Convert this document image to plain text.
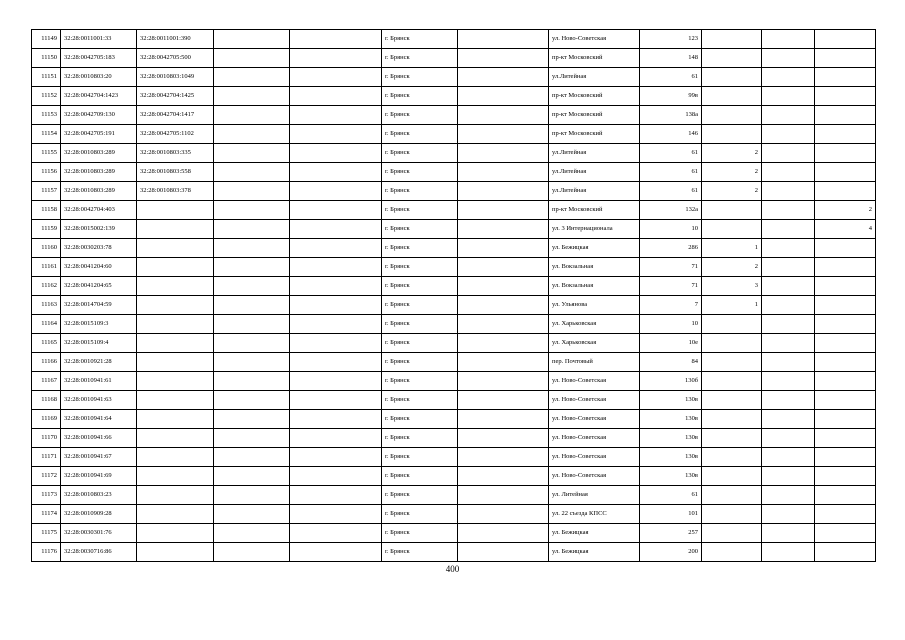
11149	32:28:0011001:33	32:28:0011001:390			г. Брянск		ул. Ново-Советская	123			
11150	32:28:0042705:183	32:28:0042705:500			г. Брянск		пр-кт Московский	148			
11151	32:28:0010803:20	32:28:0010803:1049			г. Брянск		ул.Литейная	61			
11152	32:28:0042704:1423	32:28:0042704:1425			г. Брянск		пр-кт Московский	99в			
11153	32:28:0042709:130	32:28:0042704:1417			г. Брянск		пр-кт Московский	138а			
11154	32:28:0042705:191	32:28:0042705:1102			г. Брянск		пр-кт Московский	146			
11155	32:28:0010803:289	32:28:0010803:335			г. Брянск		ул.Литейная	61	2		
11156	32:28:0010803:289	32:28:0010803:558			г. Брянск		ул.Литейная	61	2		
11157	32:28:0010803:289	32:28:0010803:378			г. Брянск		ул.Литейная	61	2		
11158	32:28:0042704:403				г. Брянск		пр-кт Московский	132а			2
11159	32:28:0015002:139				г. Брянск		ул. 3 Интернационала	10			4
11160	32:28:0030203:78				г. Брянск		ул. Бежицкая	286	1		
11161	32:28:0041204:60				г. Брянск		ул. Вокзальная	71	2		
11162	32:28:0041204:65				г. Брянск		ул. Вокзальная	71	3		
11163	32:28:0014704:59				г. Брянск		ул. Ульянова	7	1		
11164	32:28:0015109:3				г. Брянск		ул. Харьковская	10			
11165	32:28:0015109:4				г. Брянск		ул. Харьковская	10е			
11166	32:28:0010921:28				г. Брянск		пер. Почтовый	84			
11167	32:28:0010941:61				г. Брянск		ул. Ново-Советская	130б			
11168	32:28:0010941:63				г. Брянск		ул. Ново-Советская	130в			
11169	32:28:0010941:64				г. Брянск		ул. Ново-Советская	130в			
11170	32:28:0010941:66				г. Брянск		ул. Ново-Советская	130в			
11171	32:28:0010941:67				г. Брянск		ул. Ново-Советская	130в			
11172	32:28:0010941:69				г. Брянск		ул. Ново-Советская	130в			
11173	32:28:0010803:23				г. Брянск		ул. Литейная	61			
11174	32:28:0010909:28				г. Брянск		ул. 22 съезда КПСС	101			
11175	32:28:0030301:76				г. Брянск		ул. Бежицкая	257			
11176	32:28:0030716:86				г. Брянск		ул. Бежицкая	200			
400
